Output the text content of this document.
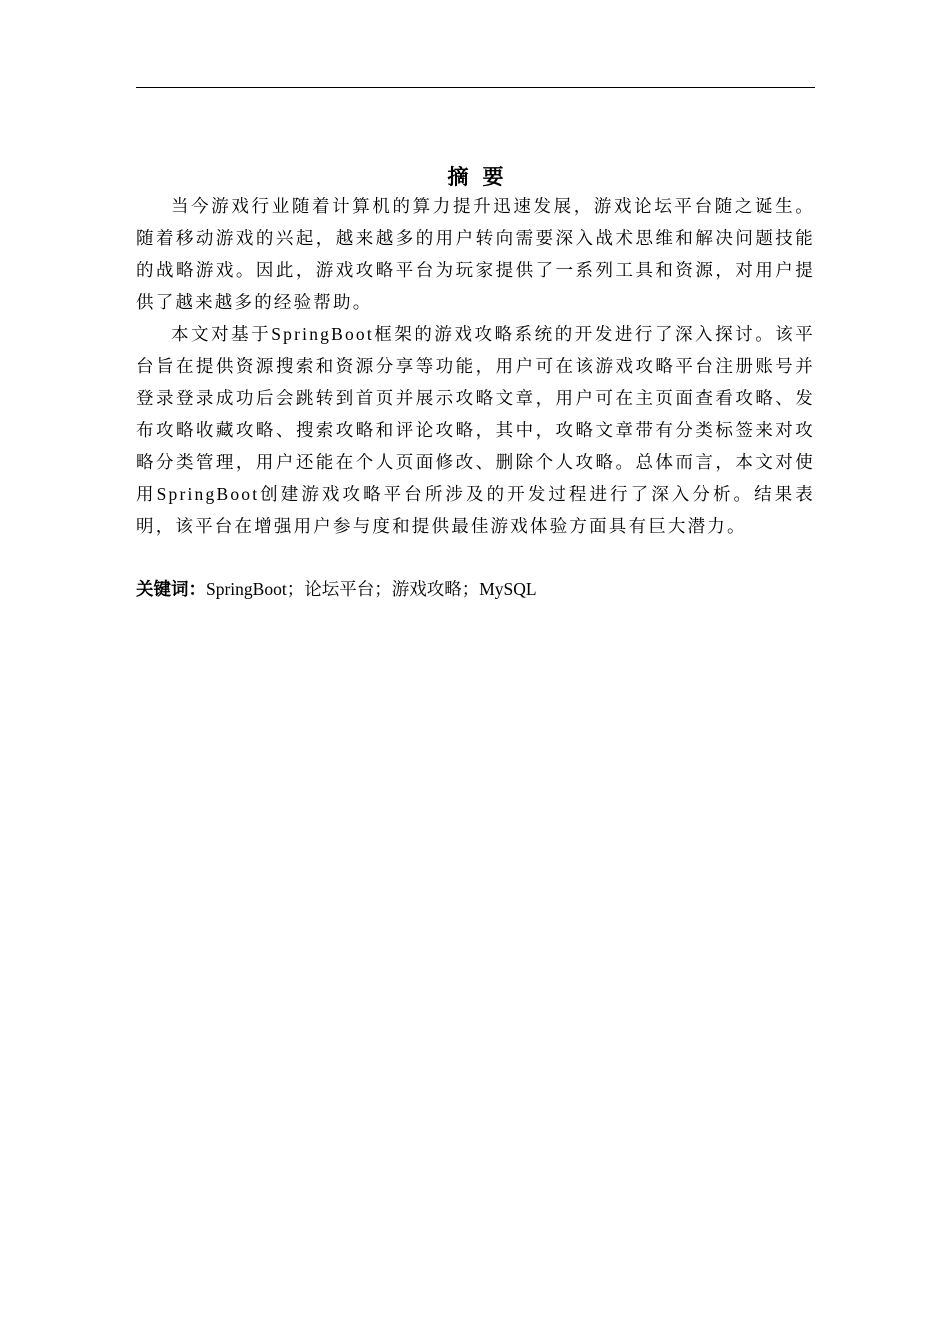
摘要

当今游戏行业随着计算机的算力提升迅速发展，游戏论坛平台随之诞生。随着移动游戏的兴起，越来越多的用户转向需要深入战术思维和解决问题技能的战略游戏。因此，游戏攻略平台为玩家提供了一系列工具和资源，对用户提供了越来越多的经验帮助。

本文对基于SpringBoot框架的游戏攻略系统的开发进行了深入探讨。该平台旨在提供资源搜索和资源分享等功能，用户可在该游戏攻略平台注册账号并登录登录成功后会跳转到首页并展示攻略文章，用户可在主页面查看攻略、发布攻略收藏攻略、搜索攻略和评论攻略，其中，攻略文章带有分类标签来对攻略分类管理，用户还能在个人页面修改、删除个人攻略。总体而言，本文对使用SpringBoot创建游戏攻略平台所涉及的开发过程进行了深入分析。结果表明，该平台在增强用户参与度和提供最佳游戏体验方面具有巨大潜力。

关键词：SpringBoot；论坛平台；游戏攻略；MySQL
